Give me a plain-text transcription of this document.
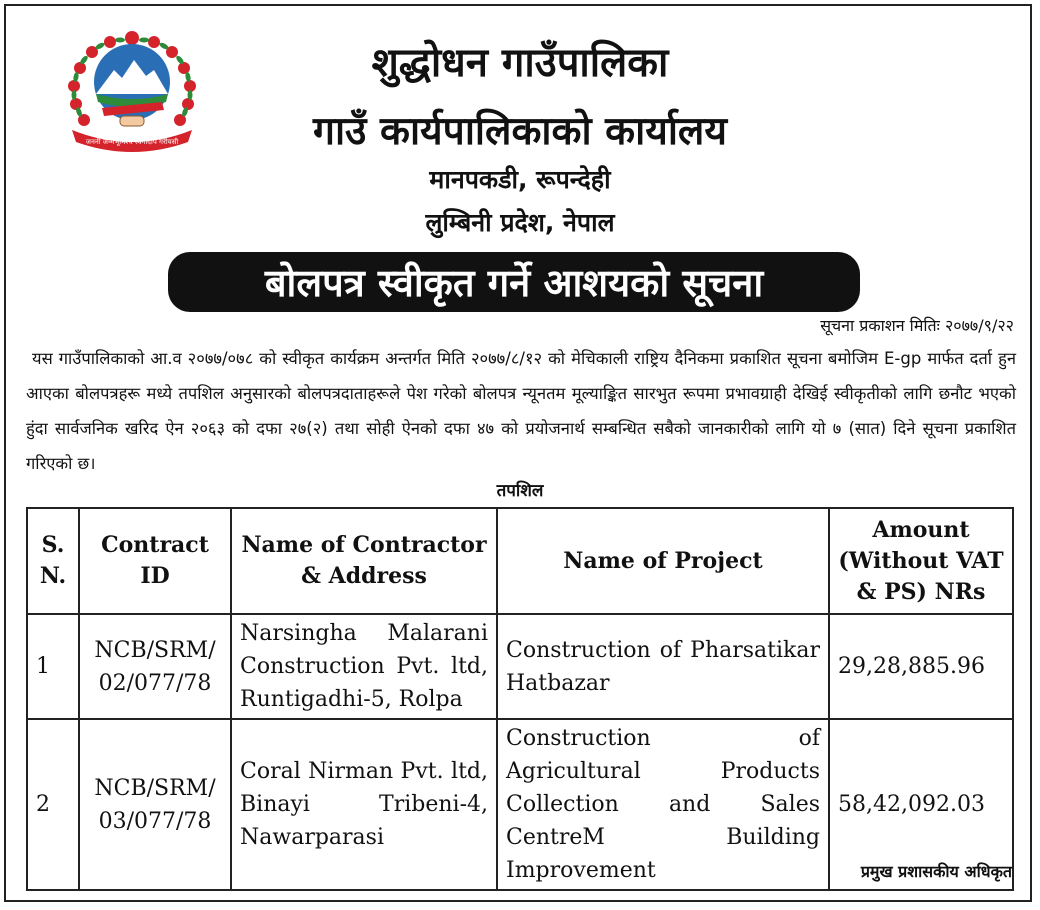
जननी जन्मभूमिश्च स्वर्गादपि गरीयसी
शुद्धोधन गाउँपालिका
गाउँ कार्यपालिकाको कार्यालय
मानपकडी, रूपन्देही
लुम्बिनी प्रदेश, नेपाल
बोलपत्र स्वीकृत गर्ने आशयको सूचना
सूचना प्रकाशन मितिः २०७७/९/२२
यस गाउँपालिकाको आ.व २०७७/०७८ को स्वीकृत कार्यक्रम अन्तर्गत मिति २०७७/८/१२ को मेचिकाली राष्ट्रिय दैनिकमा प्रकाशित सूचना बमोजिम E-gp मार्फत दर्ता हुन आएका बोलपत्रहरू मध्ये तपशिल अनुसारको बोलपत्रदाताहरूले पेश गरेको बोलपत्र न्यूनतम मूल्याङ्कित सारभुत रूपमा प्रभावग्राही देखिई स्वीकृतीको लागि छनौट भएको हुंदा सार्वजनिक खरिद ऐन २०६३ को दफा २७(२) तथा सोही ऐनको दफा ४७ को प्रयोजनार्थ सम्बन्धित सबैको जानकारीको लागि यो ७ (सात) दिने सूचना प्रकाशित गरिएको छ।
तपशिल
S. N.	Contract ID	Name of Contractor & Address	Name of Project	Amount (Without VAT & PS) NRs
1	NCB/SRM/ 02/077/78	Narsingha Malarani Construction Pvt. ltd, Runtigadhi-5, Rolpa	Construction of Pharsatikar Hatbazar	29,28,885.96
2	NCB/SRM/ 03/077/78	Coral Nirman Pvt. ltd, Binayi Tribeni-4, Nawarparasi	Construction of Agricultural Products Collection and Sales CentreM Building Improvement	58,42,092.03
प्रमुख प्रशासकीय अधिकृत
